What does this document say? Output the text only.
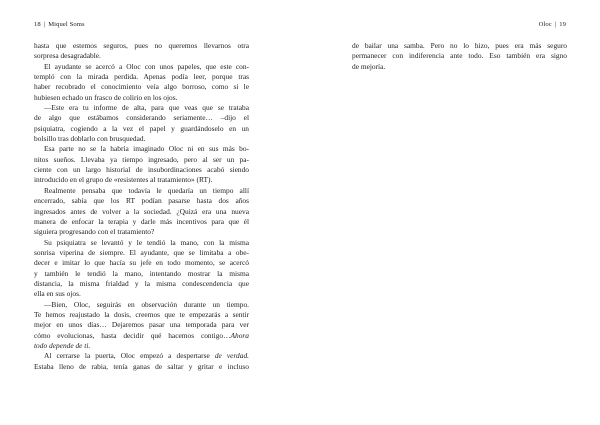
18 | Miquel Soms
hasta que estemos seguros, pues no queremos llevarnos otra
sorpresa desagradable.
El ayudante se acercó a Oloc con unos papeles, que este con-
templó con la mirada perdida. Apenas podía leer, porque tras
haber recobrado el conocimiento veía algo borroso, como si le
hubiesen echado un frasco de colirio en los ojos.
—Este era tu informe de alta, para que veas que se trataba
de algo que estábamos considerando seriamente… –dijo el
psiquiatra, cogiendo a la vez el papel y guardándoselo en un
bolsillo tras doblarlo con brusquedad.
Esa parte no se la habría imaginado Oloc ni en sus más bo-
nitos sueños. Llevaba ya tiempo ingresado, pero al ser un pa-
ciente con un largo historial de insubordinaciones acabó siendo
introducido en el grupo de «resistentes al tratamiento» (RT).
Realmente pensaba que todavía le quedaría un tiempo allí
encerrado, sabía que los RT podían pasarse hasta dos años
ingresados antes de volver a la sociedad. ¿Quizá era una nueva
manera de enfocar la terapia y darle más incentivos para que él
siguiera progresando con el tratamiento?
Su psiquiatra se levantó y le tendió la mano, con la misma
sonrisa viperina de siempre. El ayudante, que se limitaba a obe-
decer e imitar lo que hacía su jefe en todo momento, se acercó
y también le tendió la mano, intentando mostrar la misma
distancia, la misma frialdad y la misma condescendencia que
ella en sus ojos.
—Bien, Oloc, seguirás en observación durante un tiempo.
Te hemos reajustado la dosis, creemos que te empezarás a sentir
mejor en unos días… Dejaremos pasar una temporada para ver
cómo evolucionas, hasta decidir qué hacemos contigo…Ahora
todo depende de ti.
Al cerrarse la puerta, Oloc empezó a despertarse de verdad.
Estaba lleno de rabia, tenía ganas de saltar y gritar e incluso
Oloc | 19
de bailar una samba. Pero no lo hizo, pues era más seguro
permanecer con indiferencia ante todo. Eso también era signo
de mejoría.
